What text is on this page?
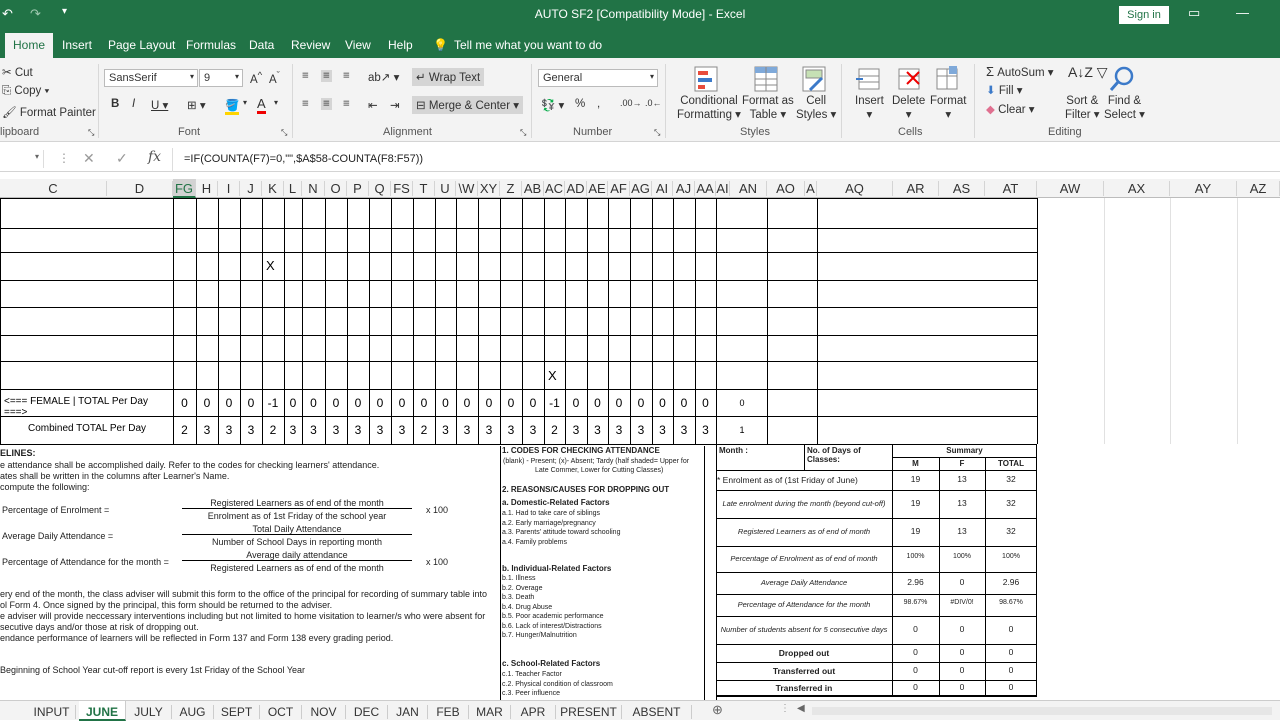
↶ ↷ ▾	AUTO SF2 [Compatibility Mode] - Excel	Sign in	▭	—
Home	Insert Page Layout Formulas Data Review View Help 💡 Tell me what you want to do
✂ Cut
⎘ Copy ▾
🖌 Format Painter
lipboard	⤡
SansSerif	▾ 9	▾ A^ $A^ˇ$
B I U ▾ ⊞ ▾ 🪣 ▾ A ▾
Font	⤡
≡ ≡ ≡ ab↗ ▾
≡ ≡ ≡ ⇤ ⇥
↵ Wrap Text
⊟ Merge & Center ▾
Alignment	⤡
General	▾
💱 ▾ % , .00→ .0←
Number	⤡
Conditional
Formatting ▾
Format as
Table ▾
Cell
Styles ▾
Styles
Insert
▾
Delete
▾
Format
▾
Cells
Σ AutoSum ▾
⬇ Fill ▾
◆ Clear ▾
A↓Z ▽
Sort &
Filter ▾
Find &
Select ▾
Editing
▾ ⋮ ✕ ✓ fx =IF(COUNTA(F7)=0,"",$A$58-COUNTA(F8:F57))
C	D	FG H	I	J	K L N O P Q FS T U \W XY Z AB AC AD AE AF AG AI AJ AA AI AN	AO A	AQ	AR	AS	AT	AW	AX	AY	AZ
X
X
<=== FEMALE | TOTAL Per Day ===>
Combined TOTAL Per Day
0
2
0
3
0
3
0
3
-1
2
0
3
0
3
0
3
0
3
0
3
0
3
0
2
0
3
0
3
0
3
0
3
0
3
-1
2
0
3
0
3
0
3
0
3
0
3
0
3
0
3
0
1
ELINES:
e attendance shall be accomplished daily. Refer to the codes for checking learners' attendance.
ates shall be written in the columns after Learner's Name.
compute the following:
Percentage of Enrolment =
Registered Learners as of end of the month
Enrolment as of 1st Friday of the school year
x 100
Average Daily Attendance =
Total Daily Attendance
Number of School Days in reporting month
Percentage of Attendance for the month =
Average daily attendance
Registered Learners as of end of the month
x 100
ery end of the month, the class adviser will submit this form to the office of the principal for recording of summary table into
ol Form 4. Once signed by the principal, this form should be returned to the adviser.
e adviser will provide neccessary interventions including but not limited to home visitation to learner/s who were absent for
secutive days and/or those at risk of dropping out.
endance performance of learners will be reflected in Form 137 and Form 138 every grading period.
Beginning of School Year cut-off report is every 1st Friday of the School Year
1. CODES FOR CHECKING ATTENDANCE
(blank) - Present; (x)- Absent; Tardy (half shaded= Upper for
Late Commer, Lower for Cutting Classes)
2. REASONS/CAUSES FOR DROPPING OUT
a. Domestic-Related Factors
a.1. Had to take care of siblings
a.2. Early marriage/pregnancy
a.3. Parents' attitude toward schooling
a.4. Family problems
b. Individual-Related Factors
b.1. Illness
b.2. Overage
b.3. Death
b.4. Drug Abuse
b.5. Poor academic performance
b.6. Lack of interest/Distractions
b.7. Hunger/Malnutrition
c. School-Related Factors
c.1. Teacher Factor
c.2. Physical condition of classroom
c.3. Peer influence
Month :	No. of Days of Classes:
Summary
M	F	TOTAL
* Enrolment as of (1st Friday of June)	19	13	32
Late enrolment during the month (beyond cut-off)	19	13	32
Registered Learners as of end of month	19	13	32
Percentage of Enrolment as of end of month	100%	100%	100%
Average Daily Attendance	2.96	0	2.96
Percentage of Attendance for the month	98.67%	#DIV/0!	98.67%
Number of students absent for 5 consecutive days	0	0	0
Dropped out	0	0	0
Transferred out	0	0	0
Transferred in	0	0	0
INPUT	JUNE	JULY	AUG	SEPT	OCT	NOV	DEC	JAN	FEB	MAR	APR	PRESENT	ABSENT	⊕	⋮ ◀
